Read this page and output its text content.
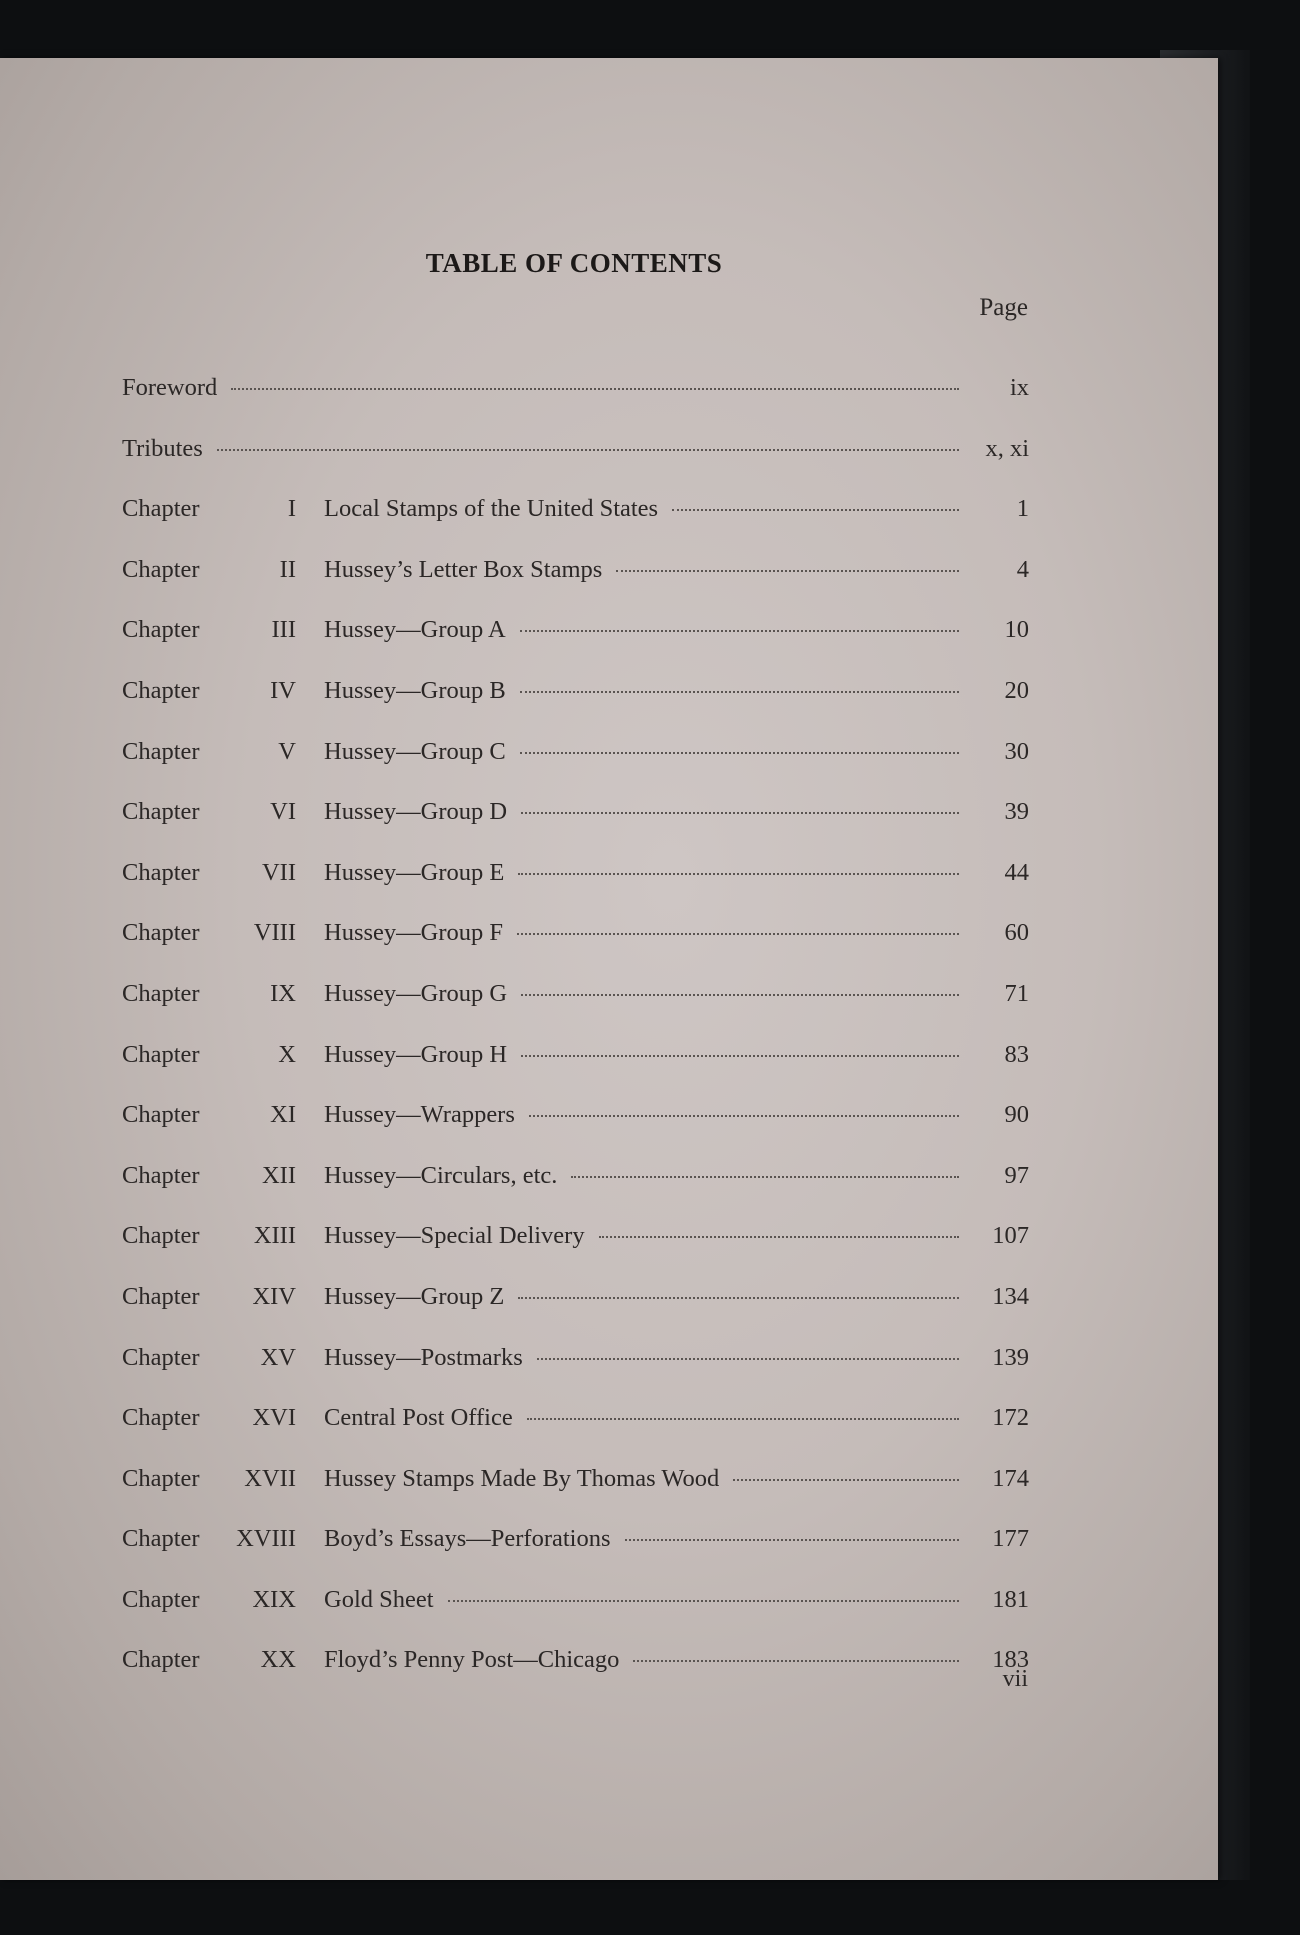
TABLE OF CONTENTS
Page
Foreword	ix
Tributes	x, xi
Chapter	I	Local Stamps of the United States	1
Chapter	II	Hussey’s Letter Box Stamps	4
Chapter	III	Hussey—Group A	10
Chapter	IV	Hussey—Group B	20
Chapter	V	Hussey—Group C	30
Chapter	VI	Hussey—Group D	39
Chapter	VII	Hussey—Group E	44
Chapter	VIII	Hussey—Group F	60
Chapter	IX	Hussey—Group G	71
Chapter	X	Hussey—Group H	83
Chapter	XI	Hussey—Wrappers	90
Chapter	XII	Hussey—Circulars, etc.	97
Chapter	XIII	Hussey—Special Delivery	107
Chapter	XIV	Hussey—Group Z	134
Chapter	XV	Hussey—Postmarks	139
Chapter	XVI	Central Post Office	172
Chapter	XVII	Hussey Stamps Made By Thomas Wood	174
Chapter	XVIII	Boyd’s Essays—Perforations	177
Chapter	XIX	Gold Sheet	181
Chapter	XX	Floyd’s Penny Post—Chicago	183
vii
